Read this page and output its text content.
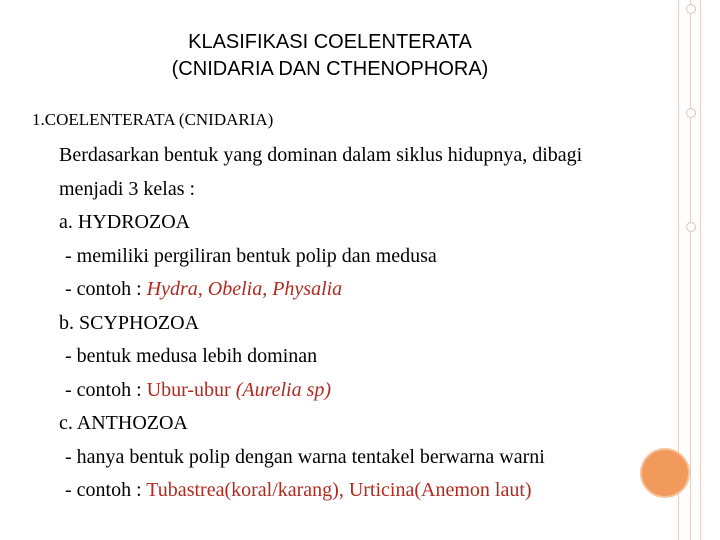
KLASIFIKASI COELENTERATA
(CNIDARIA DAN CTHENOPHORA)
1.COELENTERATA (CNIDARIA)
Berdasarkan bentuk yang dominan dalam siklus hidupnya, dibagi
menjadi 3 kelas :
a. HYDROZOA
- memiliki pergiliran bentuk polip dan medusa
- contoh : Hydra, Obelia, Physalia
b. SCYPHOZOA
- bentuk medusa lebih dominan
- contoh : Ubur-ubur (Aurelia sp)
c. ANTHOZOA
- hanya bentuk polip dengan warna tentakel berwarna warni
- contoh : Tubastrea(koral/karang), Urticina(Anemon laut)
